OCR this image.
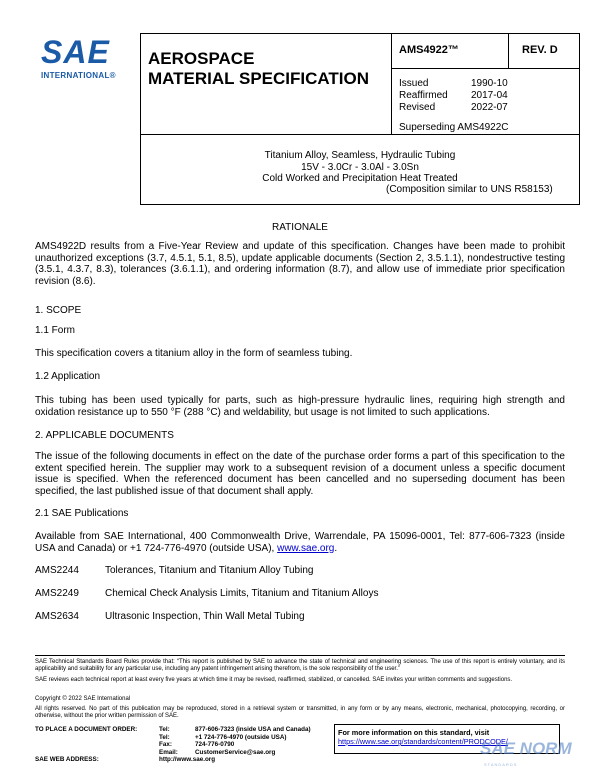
SAE
INTERNATIONAL®
AEROSPACE
MATERIAL SPECIFICATION
AMS4922™	REV. D
Issued	1990-10
Reaffirmed	2017-04
Revised	2022-07
Superseding AMS4922C
Titanium Alloy, Seamless, Hydraulic Tubing
15V - 3.0Cr - 3.0Al - 3.0Sn
Cold Worked and Precipitation Heat Treated
(Composition similar to UNS R58153)
RATIONALE
AMS4922D results from a Five-Year Review and update of this specification. Changes have been made to prohibit unauthorized exceptions (3.7, 4.5.1, 5.1, 8.5), update applicable documents (Section 2, 3.5.1.1), nondestructive testing (3.5.1, 4.3.7, 8.3), tolerances (3.6.1.1), and ordering information (8.7), and allow use of immediate prior specification revision (8.6).
1. SCOPE
1.1 Form
This specification covers a titanium alloy in the form of seamless tubing.
1.2 Application
This tubing has been used typically for parts, such as high-pressure hydraulic lines, requiring high strength and oxidation resistance up to 550 °F (288 °C) and weldability, but usage is not limited to such applications.
2. APPLICABLE DOCUMENTS
The issue of the following documents in effect on the date of the purchase order forms a part of this specification to the extent specified herein. The supplier may work to a subsequent revision of a document unless a specific document issue is specified. When the referenced document has been cancelled and no superseding document has been specified, the last published issue of that document shall apply.
2.1 SAE Publications
Available from SAE International, 400 Commonwealth Drive, Warrendale, PA 15096-0001, Tel: 877-606-7323 (inside USA and Canada) or +1 724-776-4970 (outside USA), www.sae.org.
AMS2244	Tolerances, Titanium and Titanium Alloy Tubing
AMS2249	Chemical Check Analysis Limits, Titanium and Titanium Alloys
AMS2634	Ultrasonic Inspection, Thin Wall Metal Tubing
SAE Technical Standards Board Rules provide that: “This report is published by SAE to advance the state of technical and engineering sciences. The use of this report is entirely voluntary, and its applicability and suitability for any particular use, including any patent infringement arising therefrom, is the sole responsibility of the user.”
SAE reviews each technical report at least every five years at which time it may be revised, reaffirmed, stabilized, or cancelled. SAE invites your written comments and suggestions.
Copyright © 2022 SAE International
All rights reserved. No part of this publication may be reproduced, stored in a retrieval system or transmitted, in any form or by any means, electronic, mechanical, photocopying, recording, or otherwise, without the prior written permission of SAE.
TO PLACE A DOCUMENT ORDER:	Tel:	877-606-7323 (inside USA and Canada)
Tel:	+1 724-776-4970 (outside USA)
Fax:	724-776-0790
Email:	CustomerService@sae.org
SAE WEB ADDRESS:	http://www.sae.org
For more information on this standard, visit
https://www.sae.org/standards/content/PRODCODE/
SAE NORM
STANDARDS
